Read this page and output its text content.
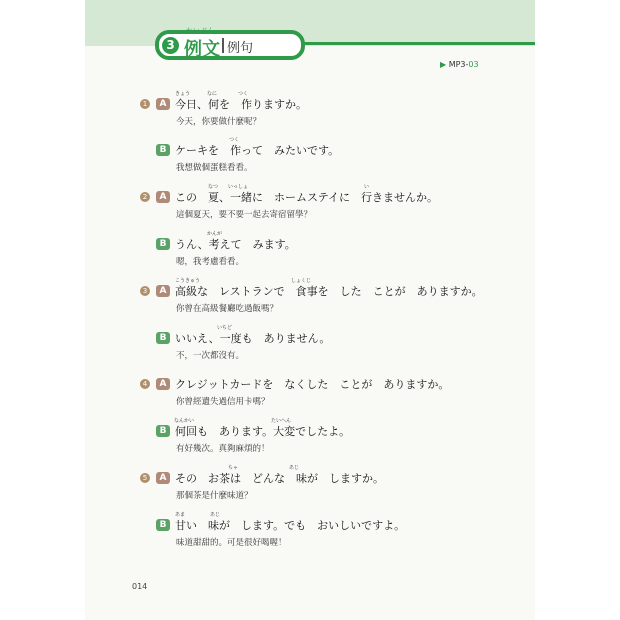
3
れいぶん
例文 例句
▶ MP3-03
1	A 今日、何を　作りますか。
きょう	なに	つく
今天，你要做什麼呢？
B ケーキを　作って　みたいです。
つく
我想做個蛋糕看看。
2	A この　夏、一緒に　ホームステイに　行きませんか。
なつ いっしょ	い
這個夏天，要不要一起去寄宿留學？
B うん、考えて　みます。
かんが
嗯，我考慮看看。
3	A 高級な　レストランで　食事を　した　ことが　ありますか。
こうきゅう	しょくじ
你曾在高級餐廳吃過飯嗎？
B いいえ、一度も　ありません。
いちど
不，一次都沒有。
4	A クレジットカードを　なくした　ことが　ありますか。
你曾經遺失過信用卡嗎？
B 何回も　あります。大変でしたよ。
なんかい	たいへん
有好幾次。真夠麻煩的！
5	A その　お茶は　どんな　味が　しますか。
ちゃ	あじ
那個茶是什麼味道？
B 甘い　味が　します。でも　おいしいですよ。
あま	あじ
味道甜甜的。可是很好喝喔！
014
